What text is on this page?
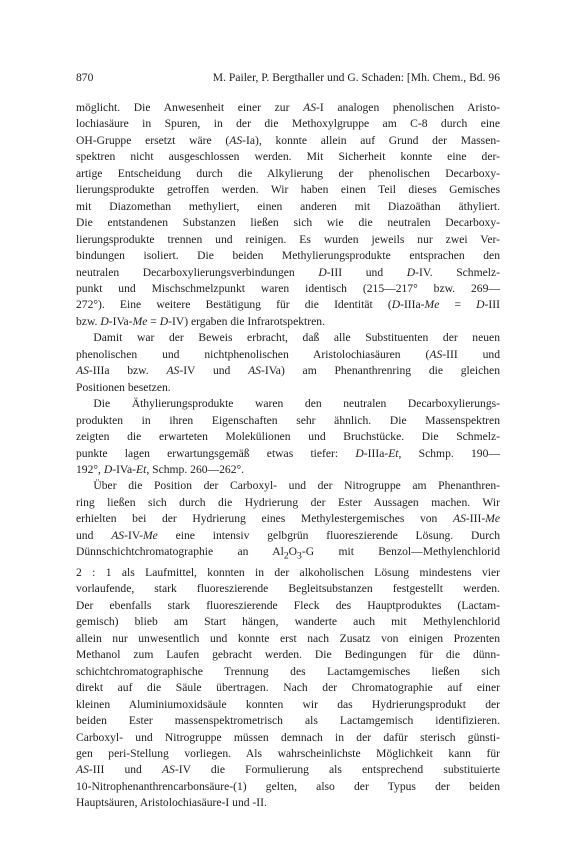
870	M. Pailer, P. Bergthaller und G. Schaden: [Mh. Chem., Bd. 96

möglicht. Die Anwesenheit einer zur AS-I analogen phenolischen Aristo-

lochiasäure in Spuren, in der die Methoxylgruppe am C-8 durch eine

OH-Gruppe ersetzt wäre (AS-Ia), konnte allein auf Grund der Massen-

spektren nicht ausgeschlossen werden. Mit Sicherheit konnte eine der-

artige Entscheidung durch die Alkylierung der phenolischen Decarboxy-

lierungsprodukte getroffen werden. Wir haben einen Teil dieses Gemisches

mit Diazomethan methyliert, einen anderen mit Diazoäthan äthyliert.

Die entstandenen Substanzen ließen sich wie die neutralen Decarboxy-

lierungsprodukte trennen und reinigen. Es wurden jeweils nur zwei Ver-

bindungen isoliert. Die beiden Methylierungsprodukte entsprachen den

neutralen Decarboxylierungsverbindungen D-III und D-IV. Schmelz-

punkt und Mischschmelzpunkt waren identisch (215—217° bzw. 269—

272°). Eine weitere Bestätigung für die Identität (D-IIIa-Me = D-III

bzw. D-IVa-Me = D-IV) ergaben die Infrarotspektren.

Damit war der Beweis erbracht, daß alle Substituenten der neuen

phenolischen und nichtphenolischen Aristolochiasäuren (AS-III und

AS-IIIa bzw. AS-IV und AS-IVa) am Phenanthrenring die gleichen

Positionen besetzen.

Die Äthylierungsprodukte waren den neutralen Decarboxylierungs-

produkten in ihren Eigenschaften sehr ähnlich. Die Massenspektren

zeigten die erwarteten Molekülionen und Bruchstücke. Die Schmelz-

punkte lagen erwartungsgemäß etwas tiefer: D-IIIa-Et, Schmp. 190—

192°, D-IVa-Et, Schmp. 260—262°.

Über die Position der Carboxyl- und der Nitrogruppe am Phenanthren-

ring ließen sich durch die Hydrierung der Ester Aussagen machen. Wir

erhielten bei der Hydrierung eines Methylestergemisches von AS-III-Me

und AS-IV-Me eine intensiv gelbgrün fluoreszierende Lösung. Durch

Dünnschichtchromatographie an $Al_2O_3-G$ mit Benzol—Methylenchlorid

2 : 1 als Laufmittel, konnten in der alkoholischen Lösung mindestens vier

vorlaufende, stark fluoreszierende Begleitsubstanzen festgestellt werden.

Der ebenfalls stark fluoreszierende Fleck des Hauptproduktes (Lactam-

gemisch) blieb am Start hängen, wanderte auch mit Methylenchlorid

allein nur unwesentlich und konnte erst nach Zusatz von einigen Prozenten

Methanol zum Laufen gebracht werden. Die Bedingungen für die dünn-

schichtchromatographische Trennung des Lactamgemisches ließen sich

direkt auf die Säule übertragen. Nach der Chromatographie auf einer

kleinen Aluminiumoxidsäule konnten wir das Hydrierungsprodukt der

beiden Ester massenspektrometrisch als Lactamgemisch identifizieren.

Carboxyl- und Nitrogruppe müssen demnach in der dafür sterisch günsti-

gen peri-Stellung vorliegen. Als wahrscheinlichste Möglichkeit kann für

AS-III und AS-IV die Formulierung als entsprechend substituierte

10-Nitrophenanthrencarbonsäure-(1) gelten, also der Typus der beiden

Hauptsäuren, Aristolochiasäure-I und -II.
